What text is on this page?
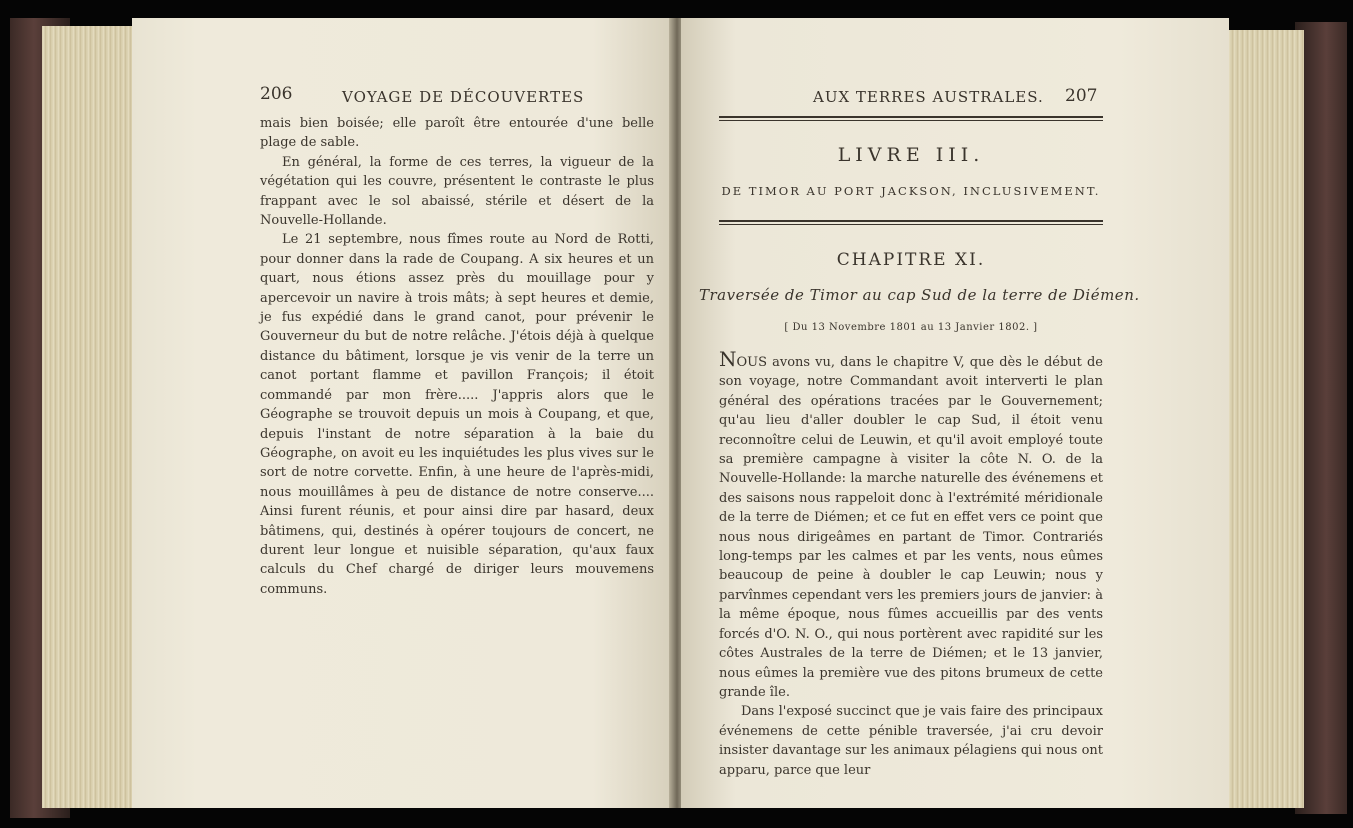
206	VOYAGE DE DÉCOUVERTES

mais bien boisée; elle paroît être entourée d'une belle plage de sable.

En général, la forme de ces terres, la vigueur de la végétation qui les couvre, présentent le contraste le plus frappant avec le sol abaissé, stérile et désert de la Nouvelle-Hollande.

Le 21 septembre, nous fîmes route au Nord de Rotti, pour donner dans la rade de Coupang. A six heures et un quart, nous étions assez près du mouillage pour y apercevoir un navire à trois mâts; à sept heures et demie, je fus expédié dans le grand canot, pour prévenir le Gouverneur du but de notre relâche. J'étois déjà à quelque distance du bâtiment, lorsque je vis venir de la terre un canot portant flamme et pavillon François; il étoit commandé par mon frère..... J'appris alors que le Géographe se trouvoit depuis un mois à Coupang, et que, depuis l'instant de notre séparation à la baie du Géographe, on avoit eu les inquiétudes les plus vives sur le sort de notre corvette. Enfin, à une heure de l'après-midi, nous mouillâmes à peu de distance de notre conserve.... Ainsi furent réunis, et pour ainsi dire par hasard, deux bâtimens, qui, destinés à opérer toujours de concert, ne durent leur longue et nuisible séparation, qu'aux faux calculs du Chef chargé de diriger leurs mouvemens communs.

AUX TERRES AUSTRALES. 207
LIVRE III.
DE TIMOR AU PORT JACKSON, INCLUSIVEMENT.
CHAPITRE XI.
Traversée de Timor au cap Sud de la terre de Diémen.
[ Du 13 Novembre 1801 au 13 Janvier 1802. ]

NOUS avons vu, dans le chapitre V, que dès le début de son voyage, notre Commandant avoit interverti le plan général des opérations tracées par le Gouvernement; qu'au lieu d'aller doubler le cap Sud, il étoit venu reconnoître celui de Leuwin, et qu'il avoit employé toute sa première campagne à visiter la côte N. O. de la Nouvelle-Hollande: la marche naturelle des événemens et des saisons nous rappeloit donc à l'extrémité méridionale de la terre de Diémen; et ce fut en effet vers ce point que nous nous dirigeâmes en partant de Timor. Contrariés long-temps par les calmes et par les vents, nous eûmes beaucoup de peine à doubler le cap Leuwin; nous y parvînmes cependant vers les premiers jours de janvier: à la même époque, nous fûmes accueillis par des vents forcés d'O. N. O., qui nous portèrent avec rapidité sur les côtes Australes de la terre de Diémen; et le 13 janvier, nous eûmes la première vue des pitons brumeux de cette grande île.

Dans l'exposé succinct que je vais faire des principaux événemens de cette pénible traversée, j'ai cru devoir insister davantage sur les animaux pélagiens qui nous ont apparu, parce que leur
